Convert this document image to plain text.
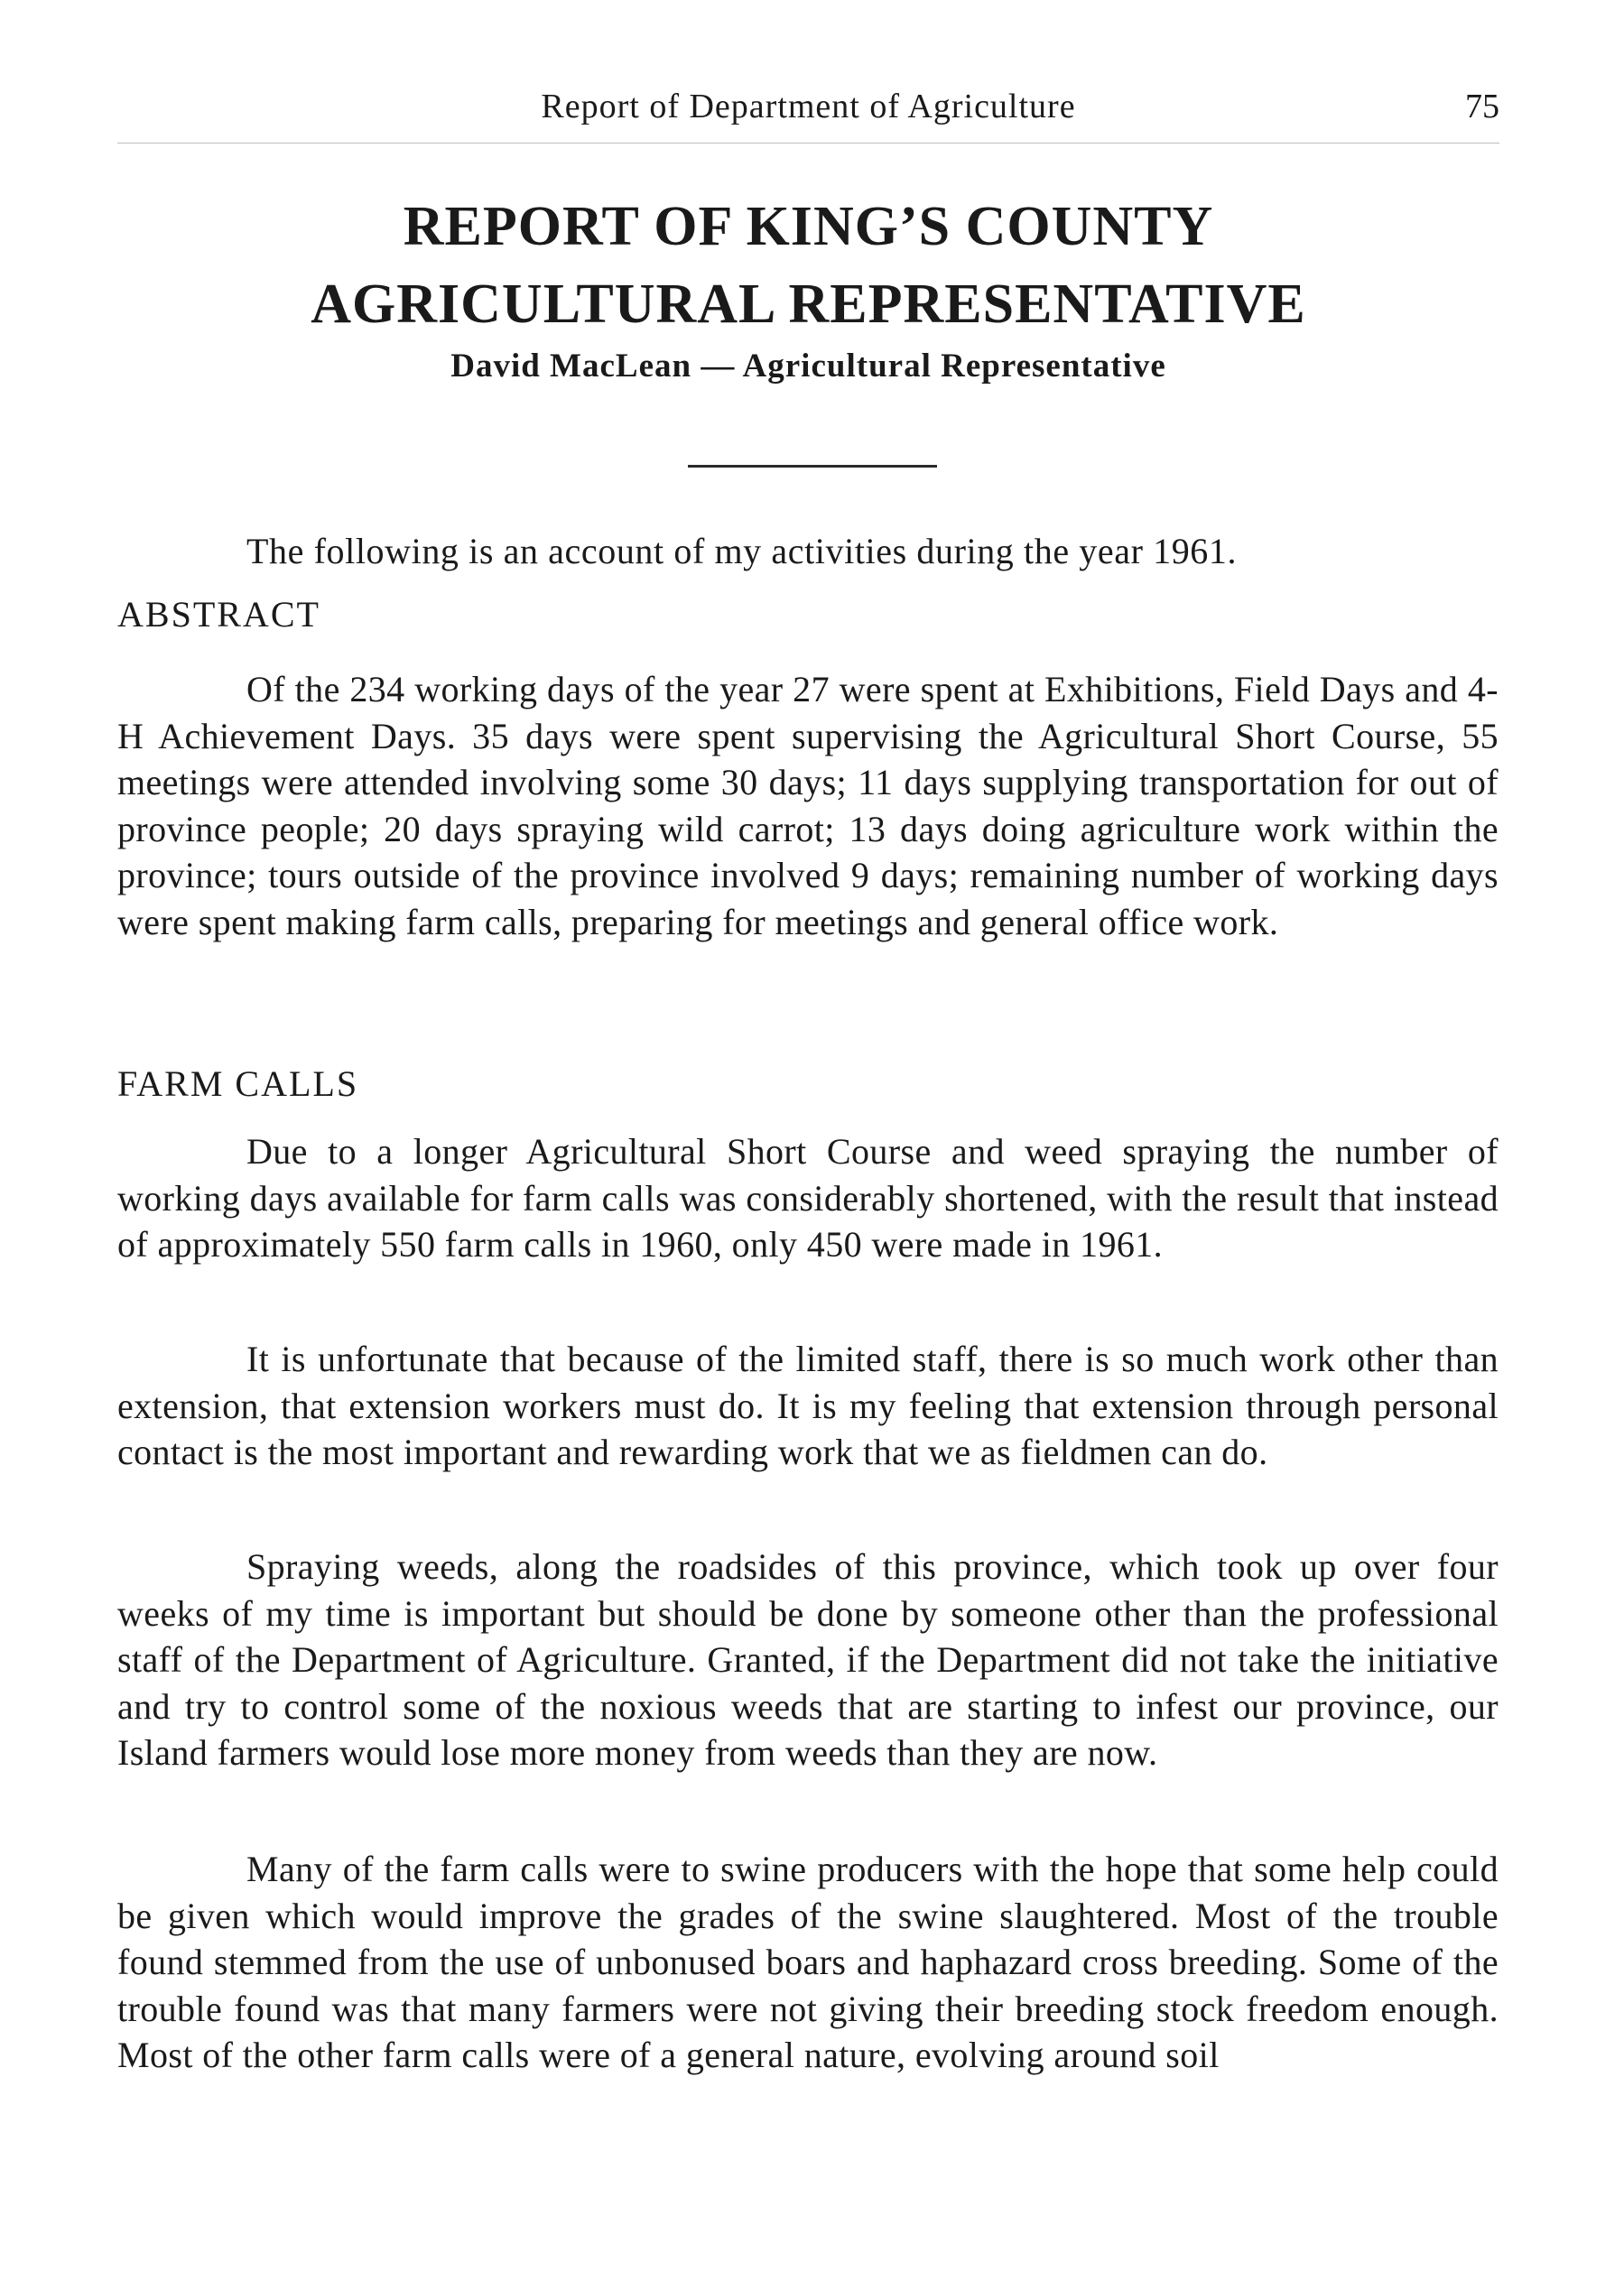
Report of Department of Agriculture	75
REPORT OF KING’S COUNTY
AGRICULTURAL REPRESENTATIVE
David MacLean — Agricultural Representative
The following is an account of my activities during the year 1961.
ABSTRACT

Of the 234 working days of the year 27 were spent at Exhibitions, Field Days and 4-H Achievement Days. 35 days were spent supervising the Agricultural Short Course, 55 meetings were attended involving some 30 days; 11 days supplying transportation for out of province people; 20 days spraying wild carrot; 13 days doing agriculture work within the province; tours outside of the province involved 9 days; remaining number of working days were spent making farm calls, preparing for meetings and general office work.

FARM CALLS

Due to a longer Agricultural Short Course and weed spraying the number of working days available for farm calls was considerably shortened, with the result that instead of approximately 550 farm calls in 1960, only 450 were made in 1961.

It is unfortunate that because of the limited staff, there is so much work other than extension, that extension workers must do. It is my feeling that extension through personal contact is the most important and rewarding work that we as fieldmen can do.

Spraying weeds, along the roadsides of this province, which took up over four weeks of my time is important but should be done by someone other than the professional staff of the Department of Agriculture. Granted, if the Department did not take the initiative and try to control some of the noxious weeds that are starting to infest our province, our Island farmers would lose more money from weeds than they are now.

Many of the farm calls were to swine producers with the hope that some help could be given which would improve the grades of the swine slaughtered. Most of the trouble found stemmed from the use of unbonused boars and haphazard cross breeding. Some of the trouble found was that many farmers were not giving their breeding stock freedom enough. Most of the other farm calls were of a general nature, evolving around soil
